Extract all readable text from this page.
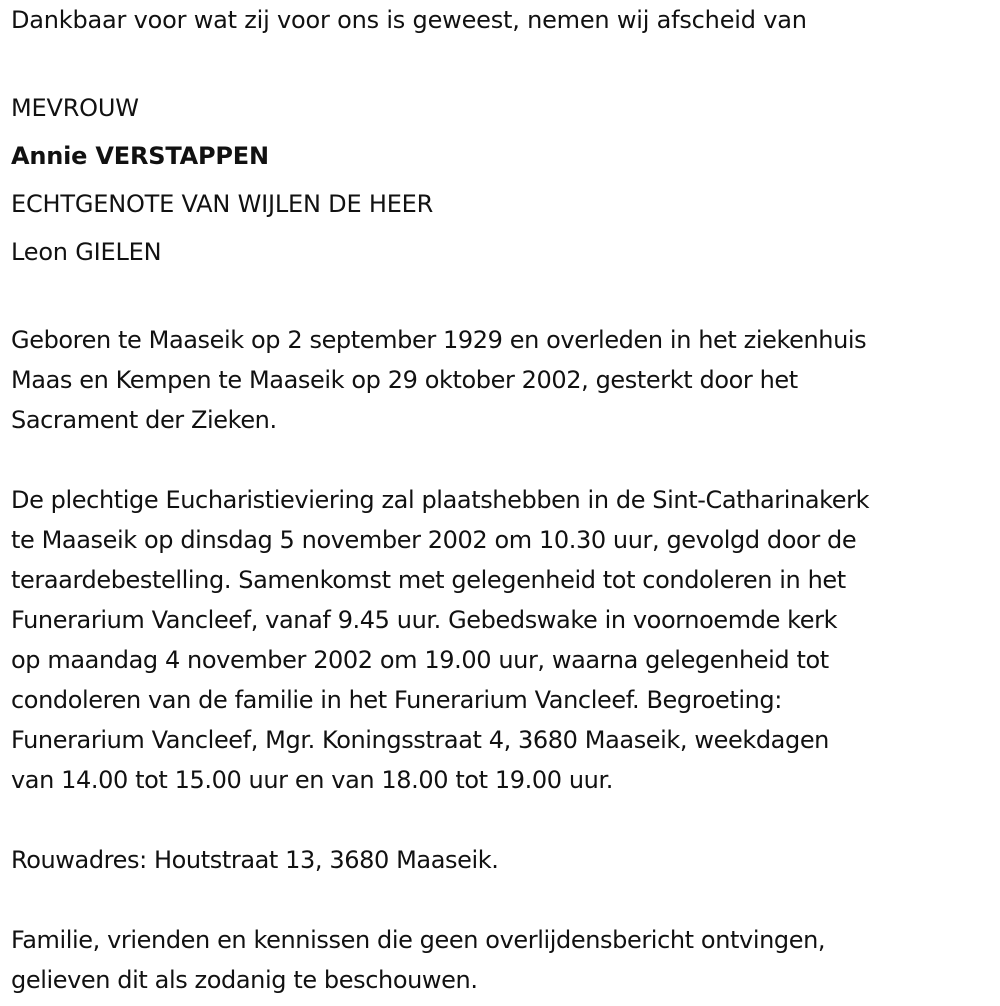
Dankbaar voor wat zij voor ons is geweest, nemen wij afscheid van
MEVROUW
Annie VERSTAPPEN
ECHTGENOTE VAN WIJLEN DE HEER
Leon GIELEN
Geboren te Maaseik op 2 september 1929 en overleden in het ziekenhuis
Maas en Kempen te Maaseik op 29 oktober 2002, gesterkt door het
Sacrament der Zieken.
De plechtige Eucharistieviering zal plaatshebben in de Sint-Catharinakerk
te Maaseik op dinsdag 5 november 2002 om 10.30 uur, gevolgd door de
teraardebestelling. Samenkomst met gelegenheid tot condoleren in het
Funerarium Vancleef, vanaf 9.45 uur. Gebedswake in voornoemde kerk
op maandag 4 november 2002 om 19.00 uur, waarna gelegenheid tot
condoleren van de familie in het Funerarium Vancleef. Begroeting:
Funerarium Vancleef, Mgr. Koningsstraat 4, 3680 Maaseik, weekdagen
van 14.00 tot 15.00 uur en van 18.00 tot 19.00 uur.
Rouwadres: Houtstraat 13, 3680 Maaseik.
Familie, vrienden en kennissen die geen overlijdensbericht ontvingen,
gelieven dit als zodanig te beschouwen.
